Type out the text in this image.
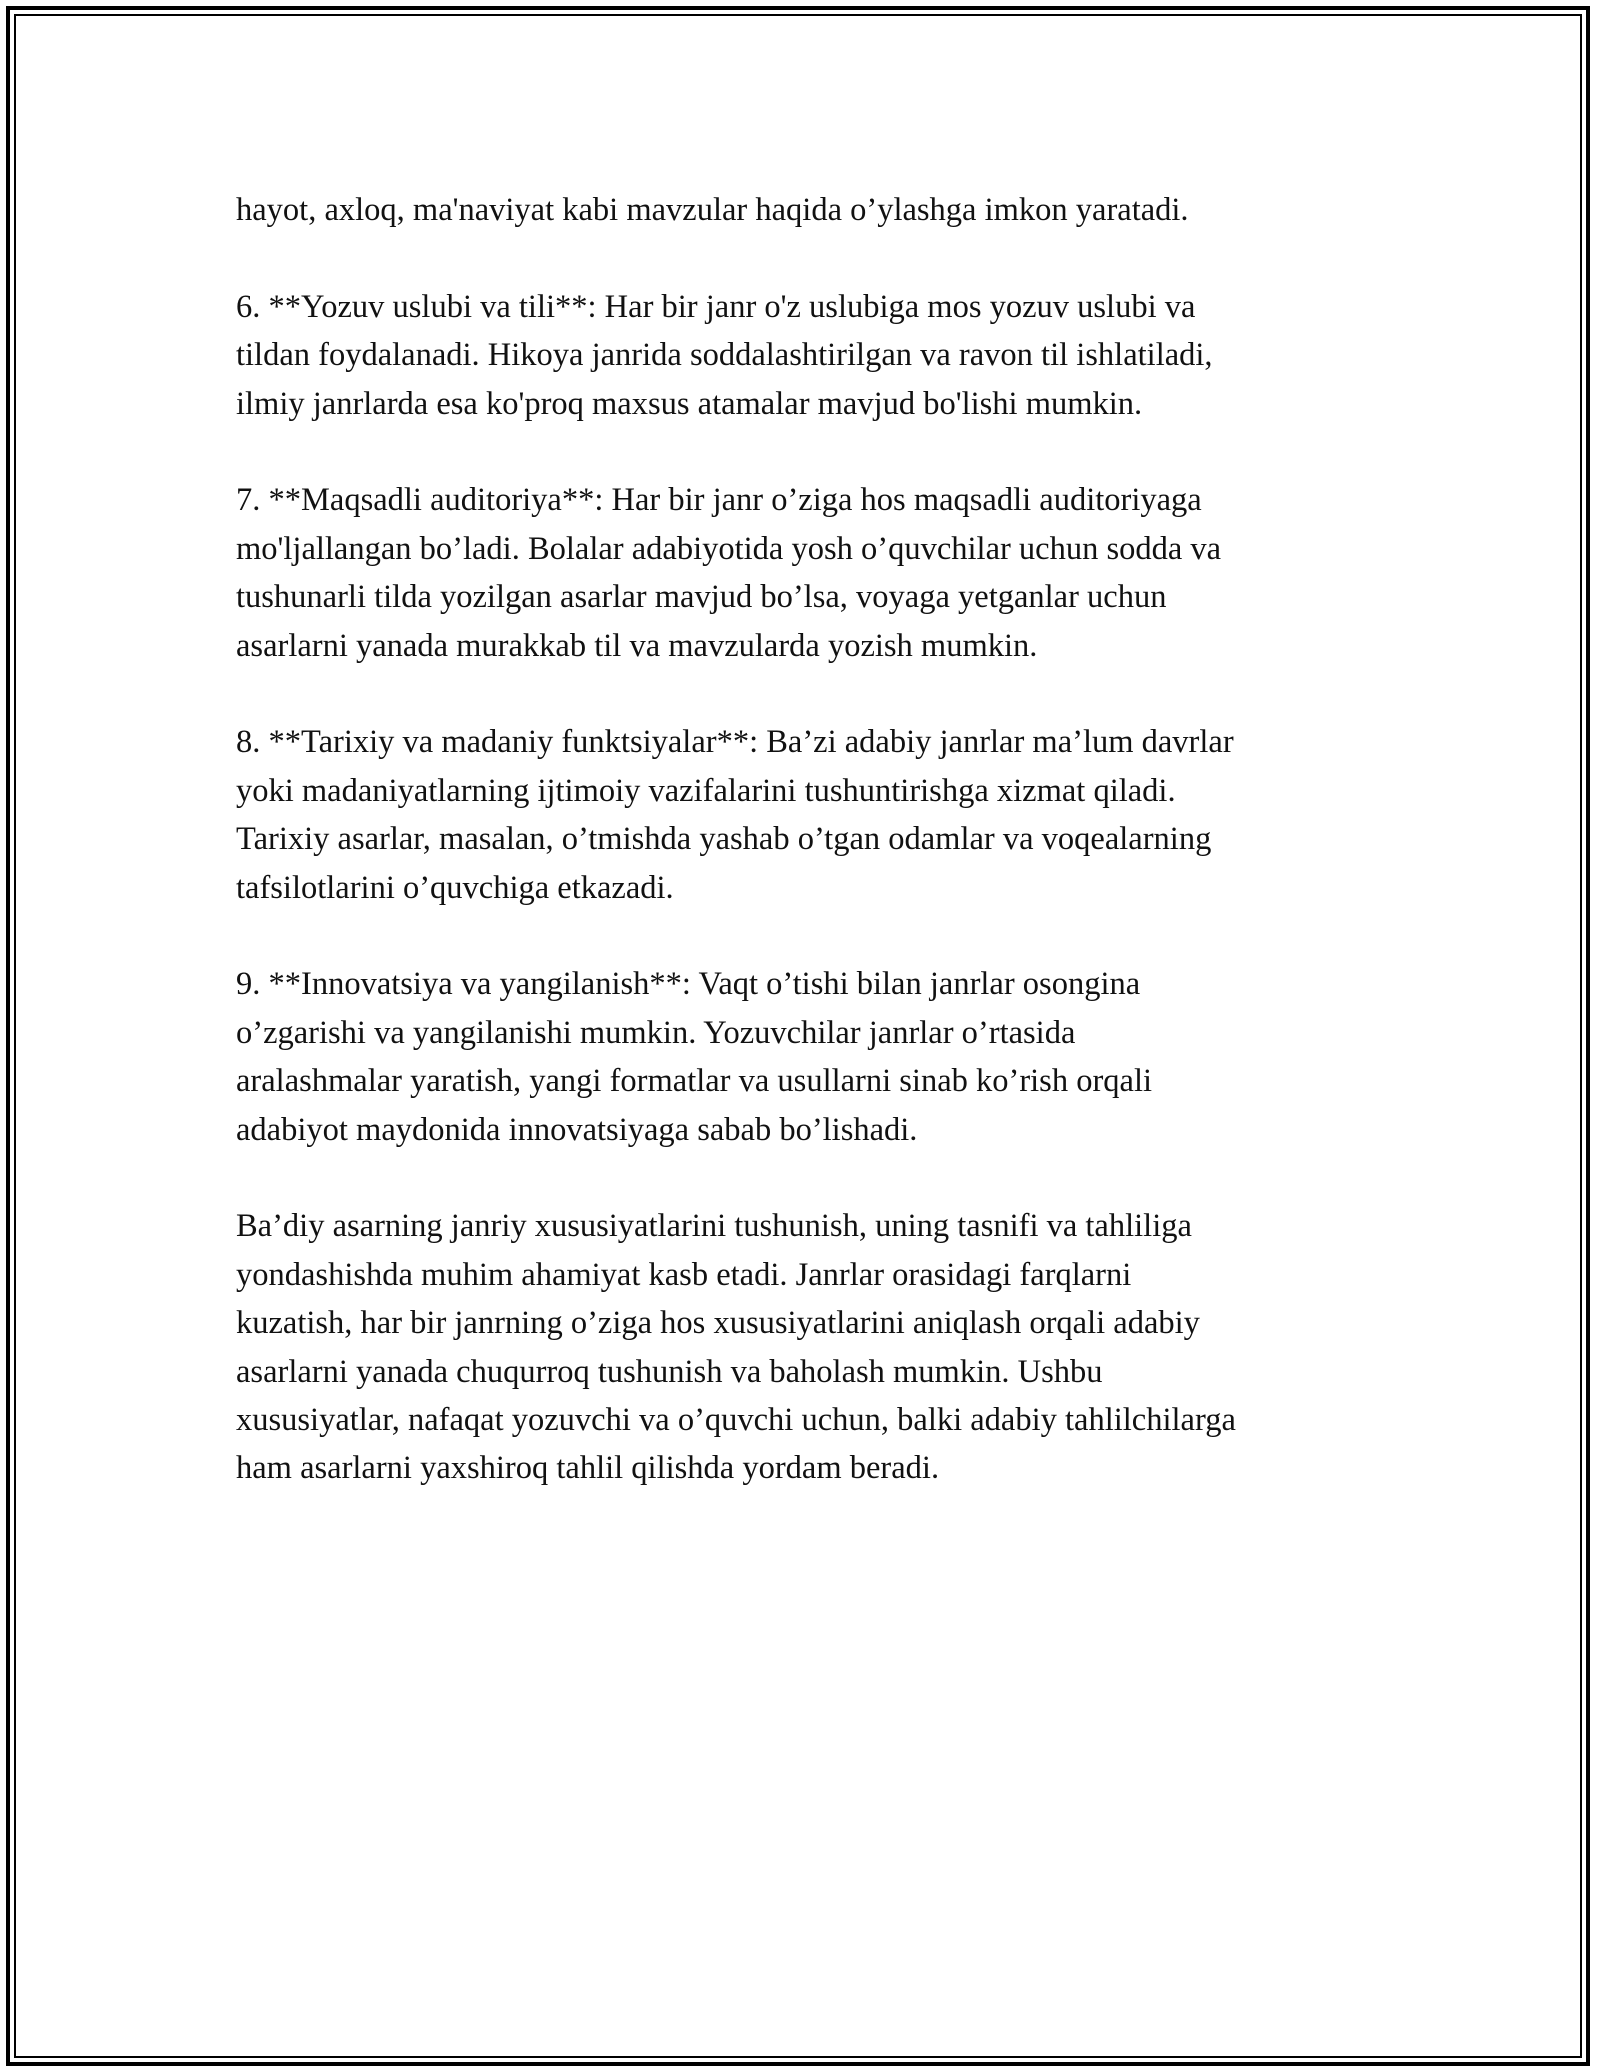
hayot, axloq, ma'naviyat kabi mavzular haqida o’ylashga imkon yaratadi.

6. **Yozuv uslubi va tili**: Har bir janr o'z uslubiga mos yozuv uslubi va
tildan foydalanadi. Hikoya janrida soddalashtirilgan va ravon til ishlatiladi,
ilmiy janrlarda esa ko'proq maxsus atamalar mavjud bo'lishi mumkin.

7. **Maqsadli auditoriya**: Har bir janr o’ziga hos maqsadli auditoriyaga
mo'ljallangan bo’ladi. Bolalar adabiyotida yosh o’quvchilar uchun sodda va
tushunarli tilda yozilgan asarlar mavjud bo’lsa, voyaga yetganlar uchun
asarlarni yanada murakkab til va mavzularda yozish mumkin.

8. **Tarixiy va madaniy funktsiyalar**: Ba’zi adabiy janrlar ma’lum davrlar
yoki madaniyatlarning ijtimoiy vazifalarini tushuntirishga xizmat qiladi.
Tarixiy asarlar, masalan, o’tmishda yashab o’tgan odamlar va voqealarning
tafsilotlarini o’quvchiga etkazadi.

9. **Innovatsiya va yangilanish**: Vaqt o’tishi bilan janrlar osongina
o’zgarishi va yangilanishi mumkin. Yozuvchilar janrlar o’rtasida
aralashmalar yaratish, yangi formatlar va usullarni sinab ko’rish orqali
adabiyot maydonida innovatsiyaga sabab bo’lishadi.

Ba’diy asarning janriy xususiyatlarini tushunish, uning tasnifi va tahliliga
yondashishda muhim ahamiyat kasb etadi. Janrlar orasidagi farqlarni
kuzatish, har bir janrning o’ziga hos xususiyatlarini aniqlash orqali adabiy
asarlarni yanada chuqurroq tushunish va baholash mumkin. Ushbu
xususiyatlar, nafaqat yozuvchi va o’quvchi uchun, balki adabiy tahlilchilarga
ham asarlarni yaxshiroq tahlil qilishda yordam beradi.
